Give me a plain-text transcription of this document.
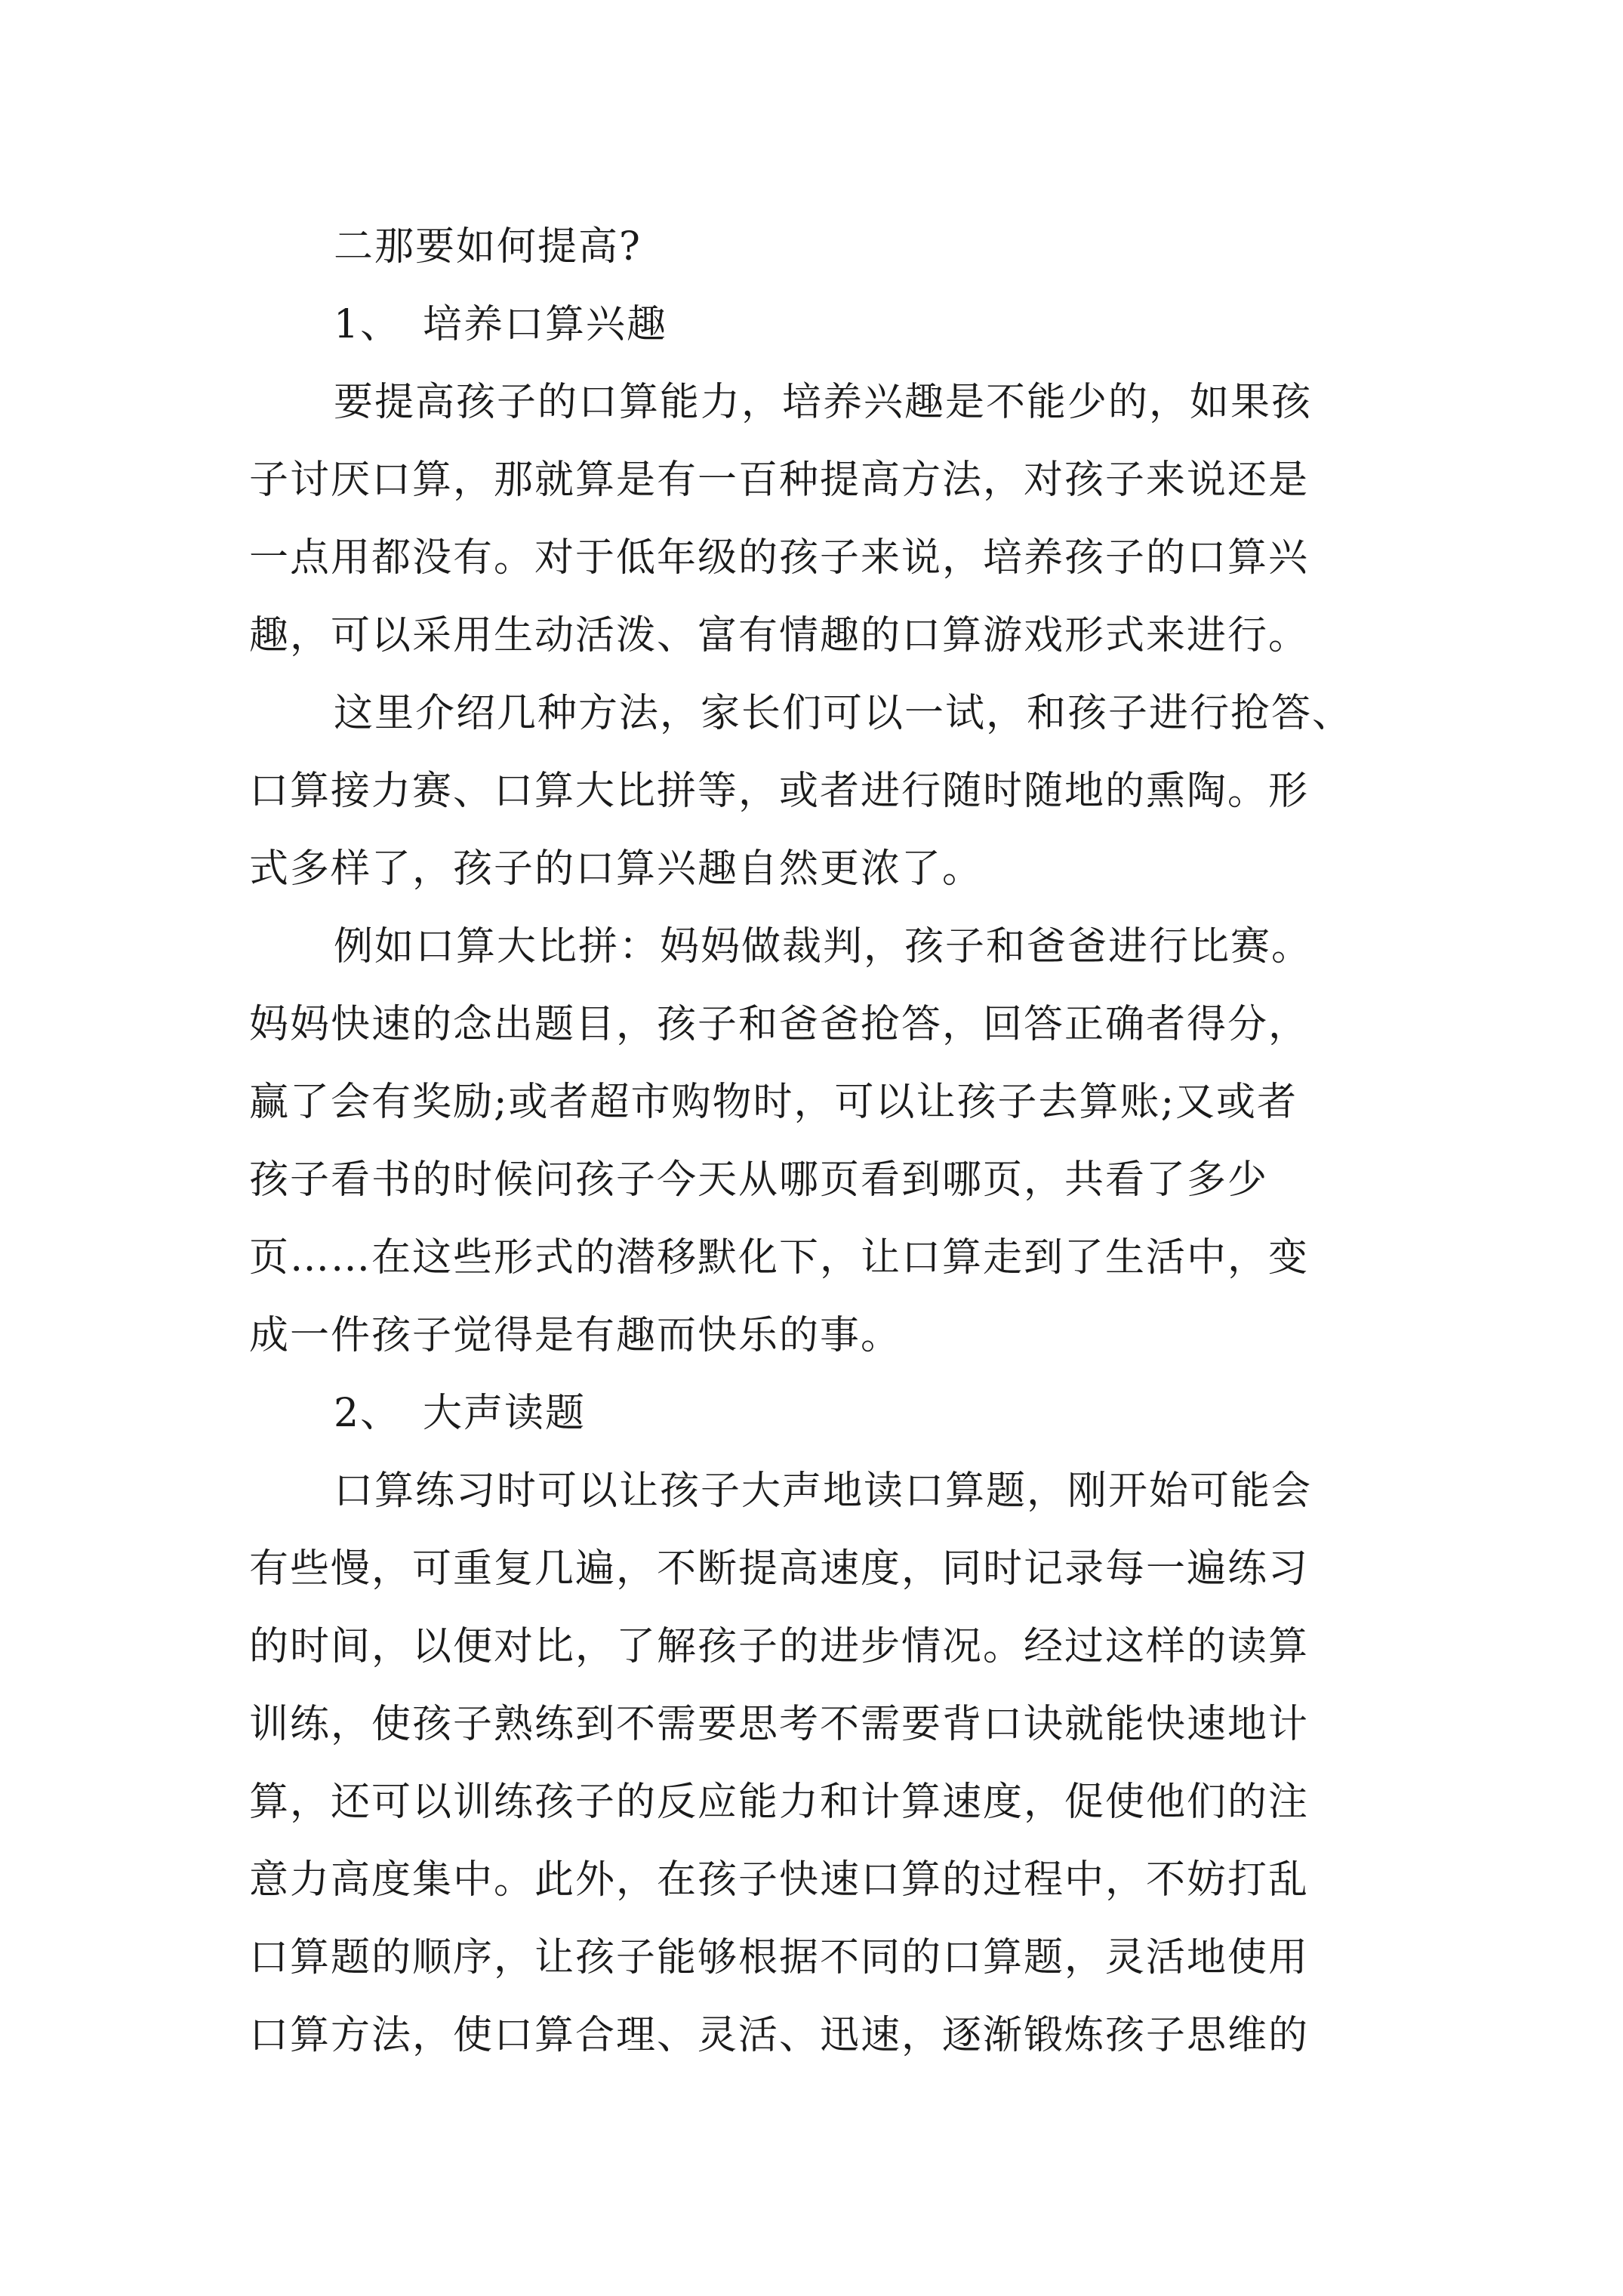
二那要如何提高?
1、 培养口算兴趣
要提高孩子的口算能力，培养兴趣是不能少的，如果孩
子讨厌口算，那就算是有一百种提高方法，对孩子来说还是
一点用都没有。对于低年级的孩子来说，培养孩子的口算兴
趣，可以采用生动活泼、富有情趣的口算游戏形式来进行。
这里介绍几种方法，家长们可以一试，和孩子进行抢答、
口算接力赛、口算大比拼等，或者进行随时随地的熏陶。形
式多样了，孩子的口算兴趣自然更浓了。
例如口算大比拼：妈妈做裁判，孩子和爸爸进行比赛。
妈妈快速的念出题目，孩子和爸爸抢答，回答正确者得分，
赢了会有奖励;或者超市购物时，可以让孩子去算账;又或者
孩子看书的时候问孩子今天从哪页看到哪页，共看了多少
页……在这些形式的潜移默化下，让口算走到了生活中，变
成一件孩子觉得是有趣而快乐的事。
2、 大声读题
口算练习时可以让孩子大声地读口算题，刚开始可能会
有些慢，可重复几遍，不断提高速度，同时记录每一遍练习
的时间，以便对比，了解孩子的进步情况。经过这样的读算
训练，使孩子熟练到不需要思考不需要背口诀就能快速地计
算，还可以训练孩子的反应能力和计算速度，促使他们的注
意力高度集中。此外，在孩子快速口算的过程中，不妨打乱
口算题的顺序，让孩子能够根据不同的口算题，灵活地使用
口算方法，使口算合理、灵活、迅速，逐渐锻炼孩子思维的
